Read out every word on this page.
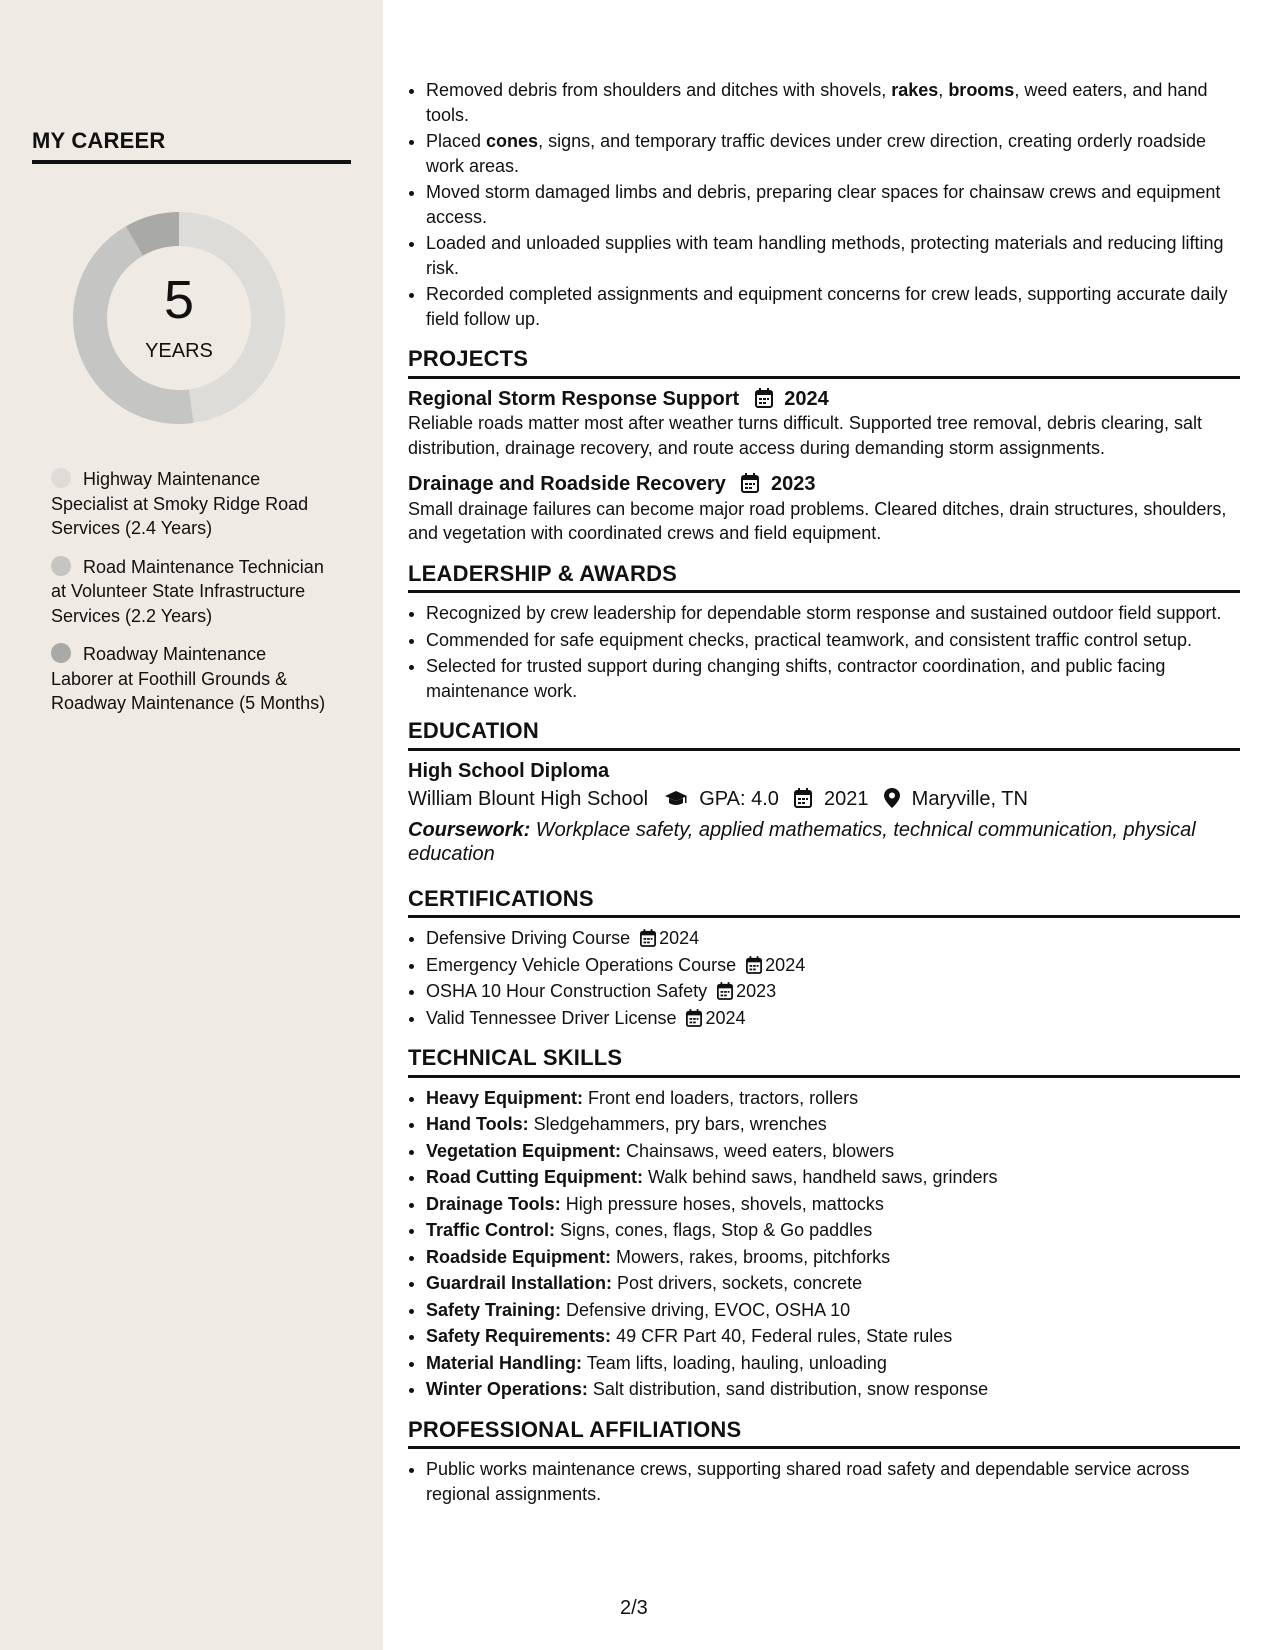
MY CAREER
5
YEARS
Highway Maintenance Specialist at Smoky Ridge Road Services (2.4 Years)
Road Maintenance Technician at Volunteer State Infrastructure Services (2.2 Years)
Roadway Maintenance Laborer at Foothill Grounds & Roadway Maintenance (5 Months)
• Removed debris from shoulders and ditches with shovels, rakes, brooms, weed eaters, and hand tools.
• Placed cones, signs, and temporary traffic devices under crew direction, creating orderly roadside work areas.
• Moved storm damaged limbs and debris, preparing clear spaces for chainsaw crews and equipment access.
• Loaded and unloaded supplies with team handling methods, protecting materials and reducing lifting risk.
• Recorded completed assignments and equipment concerns for crew leads, supporting accurate daily field follow up.
PROJECTS
Regional Storm Response Support 2024
Reliable roads matter most after weather turns difficult. Supported tree removal, debris clearing, salt distribution, drainage recovery, and route access during demanding storm assignments.
Drainage and Roadside Recovery 2023
Small drainage failures can become major road problems. Cleared ditches, drain structures, shoulders, and vegetation with coordinated crews and field equipment.
LEADERSHIP & AWARDS
• Recognized by crew leadership for dependable storm response and sustained outdoor field support.
• Commended for safe equipment checks, practical teamwork, and consistent traffic control setup.
• Selected for trusted support during changing shifts, contractor coordination, and public facing maintenance work.
EDUCATION
High School Diploma
William Blount High School	GPA: 4.0 2021 Maryville, TN
Coursework: Workplace safety, applied mathematics, technical communication, physical education
CERTIFICATIONS
• Defensive Driving Course 2024
• Emergency Vehicle Operations Course 2024
• OSHA 10 Hour Construction Safety 2023
• Valid Tennessee Driver License 2024
TECHNICAL SKILLS
• Heavy Equipment: Front end loaders, tractors, rollers
• Hand Tools: Sledgehammers, pry bars, wrenches
• Vegetation Equipment: Chainsaws, weed eaters, blowers
• Road Cutting Equipment: Walk behind saws, handheld saws, grinders
• Drainage Tools: High pressure hoses, shovels, mattocks
• Traffic Control: Signs, cones, flags, Stop & Go paddles
• Roadside Equipment: Mowers, rakes, brooms, pitchforks
• Guardrail Installation: Post drivers, sockets, concrete
• Safety Training: Defensive driving, EVOC, OSHA 10
• Safety Requirements: 49 CFR Part 40, Federal rules, State rules
• Material Handling: Team lifts, loading, hauling, unloading
• Winter Operations: Salt distribution, sand distribution, snow response
PROFESSIONAL AFFILIATIONS
• Public works maintenance crews, supporting shared road safety and dependable service across regional assignments.
2/3
